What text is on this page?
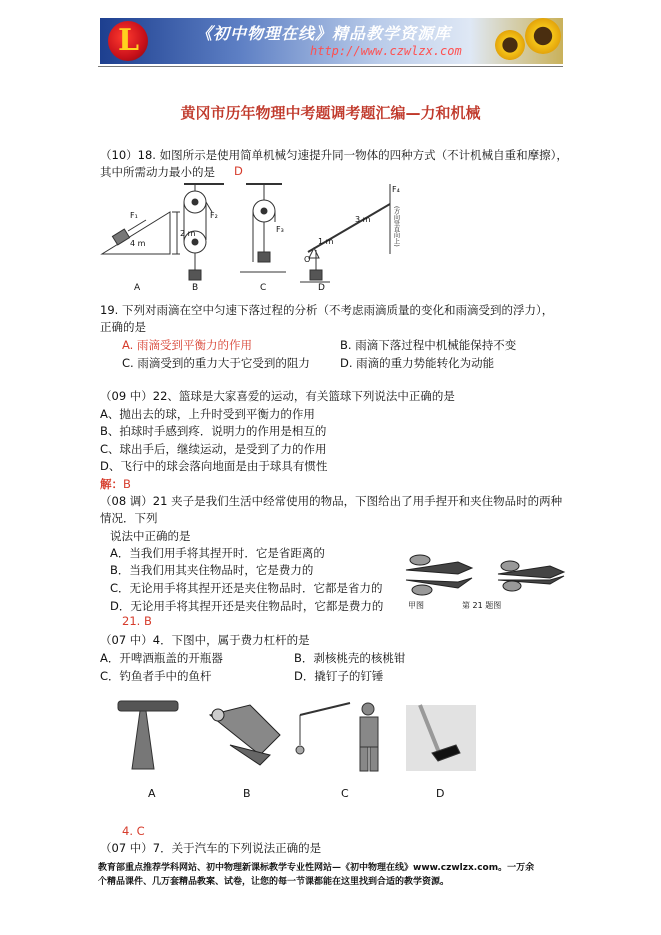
L	《初中物理在线》精品教学资源库
http://www.czwlzx.com
黄冈市历年物理中考题调考题汇编—力和机械
（10）18. 如图所示是使用简单机械匀速提升同一物体的四种方式（不计机械自重和摩擦），
其中所需动力最小的是 D
F₁
4 m
2 m
F₂
F₃
F₄
3 m
1 m
O
(方向竖直向上)
A	B	C	D
19. 下列对雨滴在空中匀速下落过程的分析（不考虑雨滴质量的变化和雨滴受到的浮力），
正确的是
A. 雨滴受到平衡力的作用	B. 雨滴下落过程中机械能保持不变
C. 雨滴受到的重力大于它受到的阻力	D. 雨滴的重力势能转化为动能
（09 中）22、篮球是大家喜爱的运动，有关篮球下列说法中正确的是
A、抛出去的球，上升时受到平衡力的作用
B、拍球时手感到疼．说明力的作用是相互的
C、球出手后，继续运动，是受到了力的作用
D、飞行中的球会落向地面是由于球具有惯性
解：B
（08 调）21 夹子是我们生活中经常使用的物品，下图给出了用手捏开和夹住物品时的两种
情况．下列
说法中正确的是
A．当我们用手将其捏开时．它是省距离的
B．当我们用其夹住物品时，它是费力的
C．无论用手将其捏开还是夹住物品时．它都是省力的
D．无论用手将其捏开还是夹住物品时，它都是费力的
21. B
甲图	第 21 题图
（07 中）4．下图中，属于费力杠杆的是
A．开啤酒瓶盖的开瓶器	B．剥核桃壳的核桃钳
C．钓鱼者手中的鱼杆	D．撬钉子的钉锤
A	B	C	D
4. C
（07 中）7．关于汽车的下列说法正确的是
教育部重点推荐学科网站、初中物理新课标教学专业性网站—《初中物理在线》www.czwlzx.com。一万余
个精品课件、几万套精品教案、试卷，让您的每一节课都能在这里找到合适的教学资源。
